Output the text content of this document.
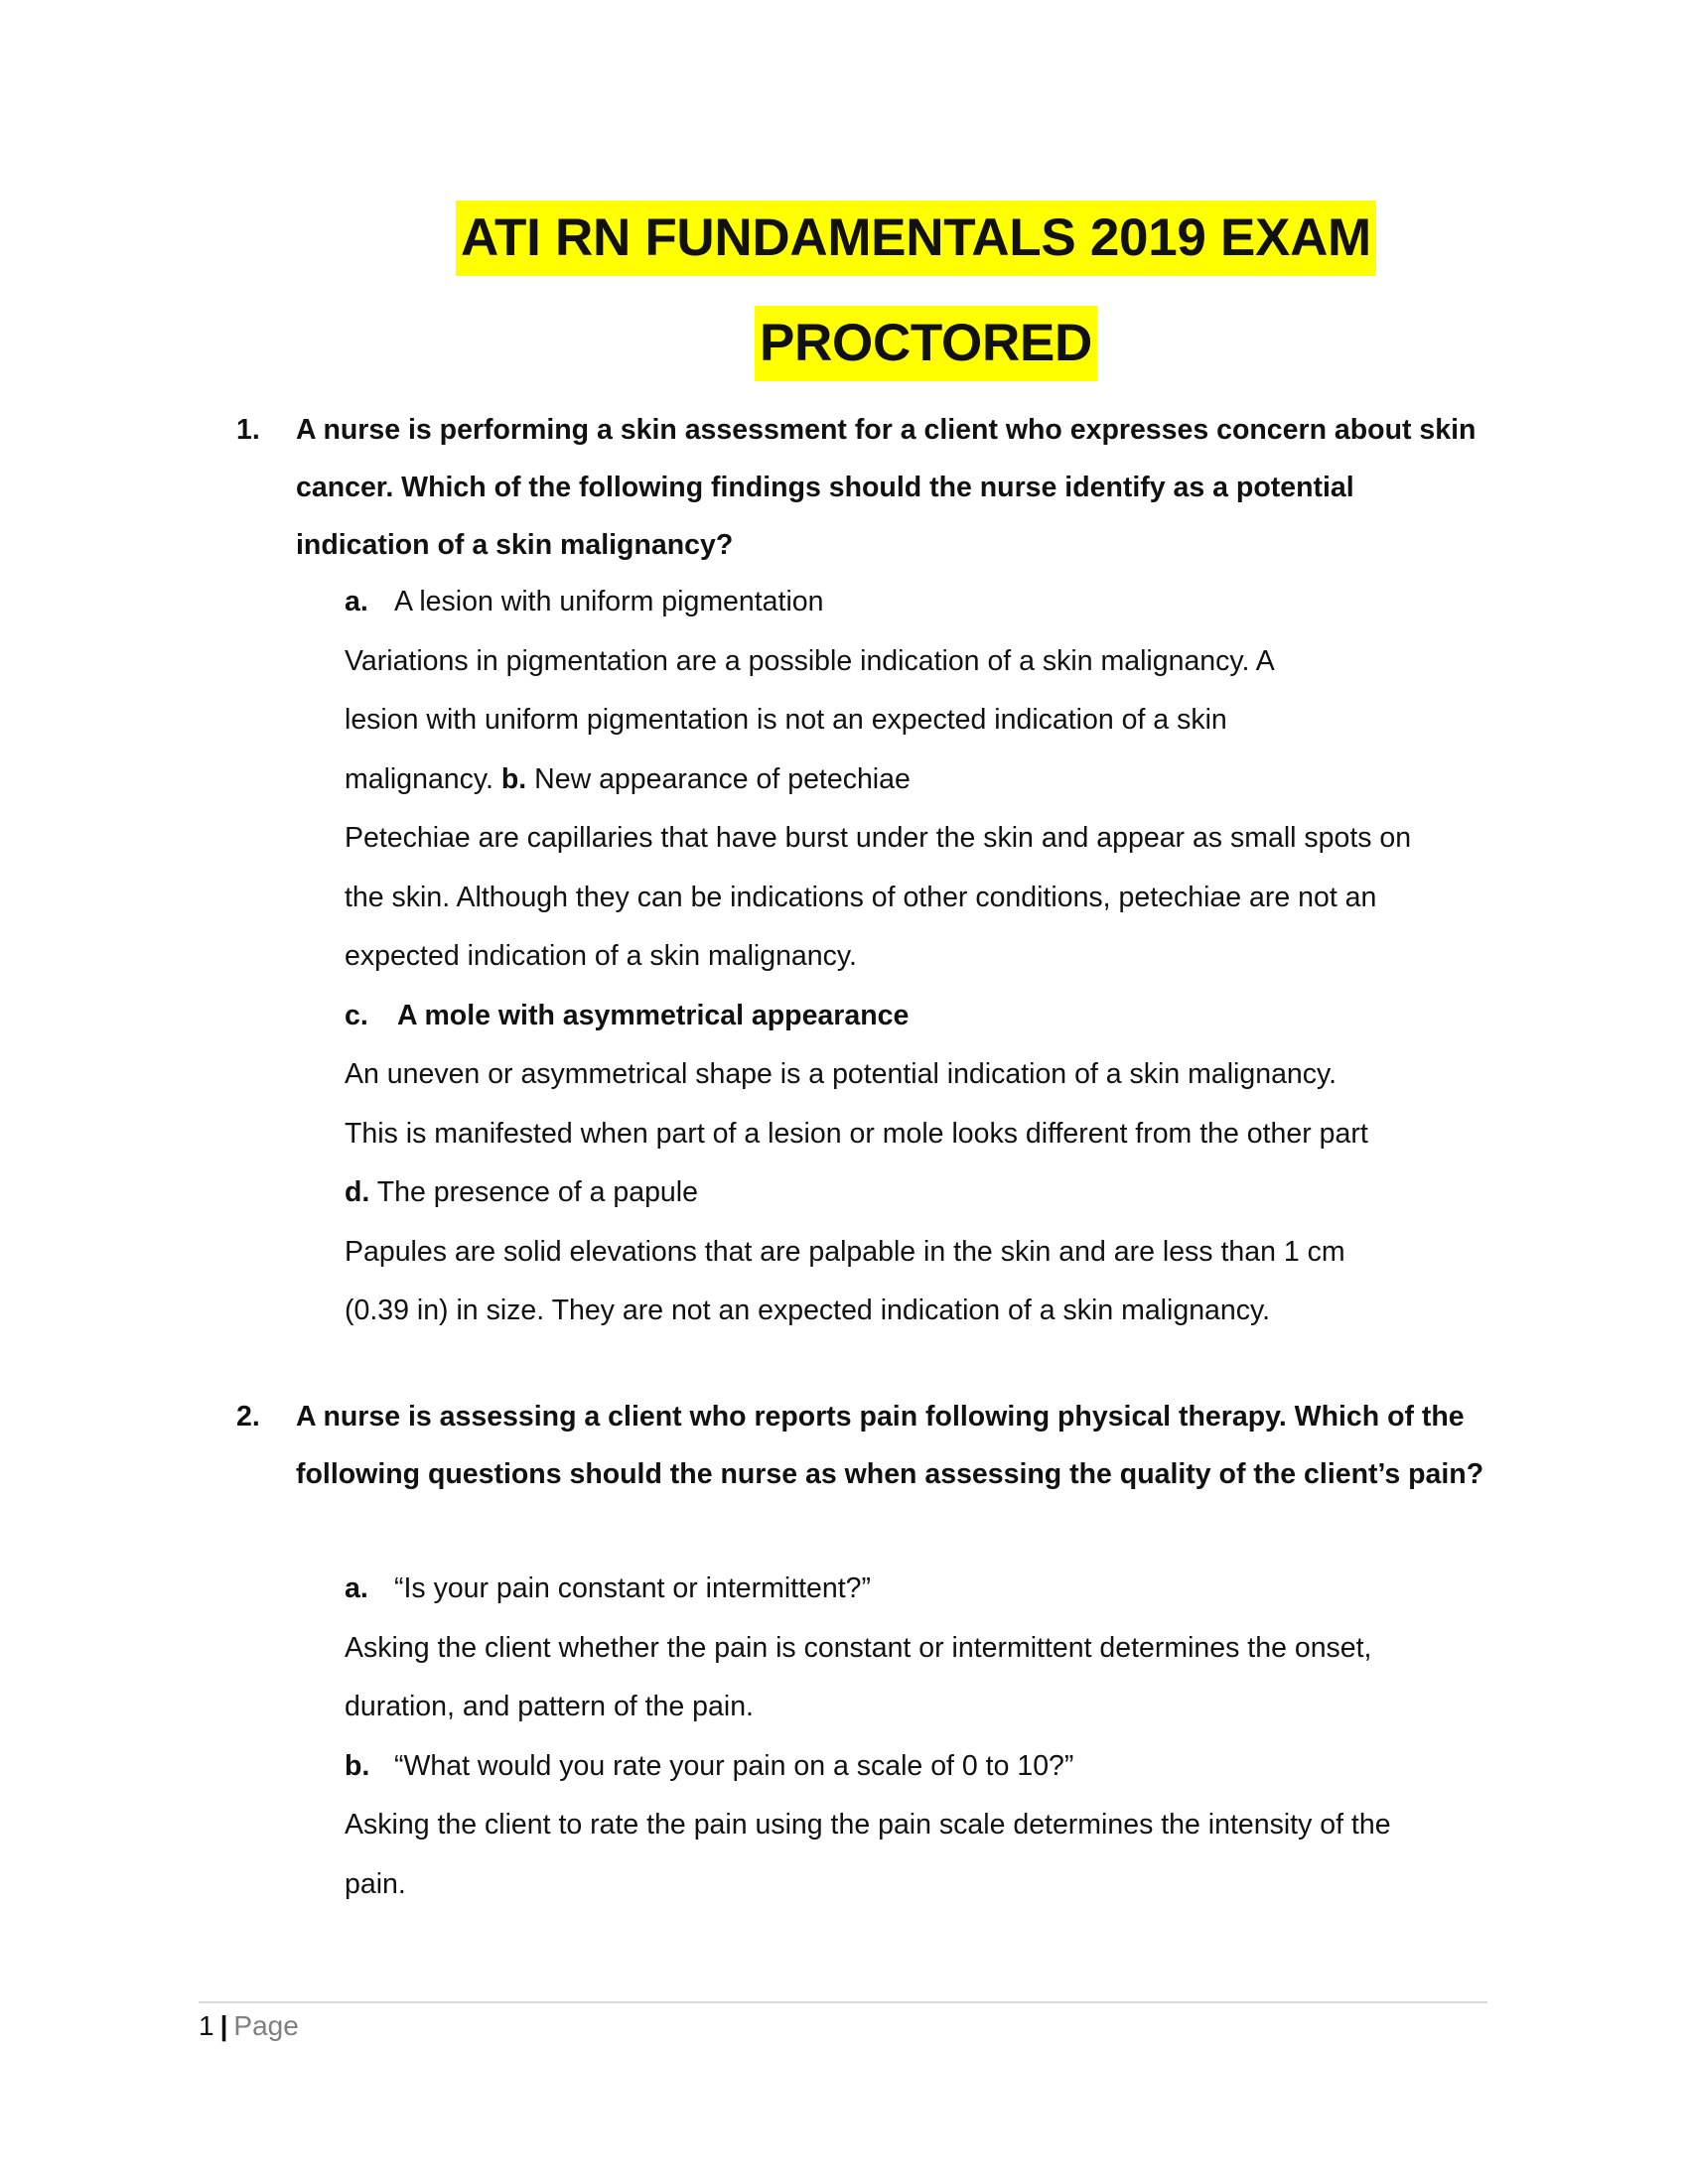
ATI RN FUNDAMENTALS 2019 EXAM
PROCTORED
1. A nurse is performing a skin assessment for a client who expresses concern about skin cancer. Which of the following findings should the nurse identify as a potential indication of a skin malignancy?
a. A lesion with uniform pigmentation
Variations in pigmentation are a possible indication of a skin malignancy. A
lesion with uniform pigmentation is not an expected indication of a skin
malignancy. b. New appearance of petechiae
Petechiae are capillaries that have burst under the skin and appear as small spots on
the skin. Although they can be indications of other conditions, petechiae are not an
expected indication of a skin malignancy.
c. A mole with asymmetrical appearance
An uneven or asymmetrical shape is a potential indication of a skin malignancy.
This is manifested when part of a lesion or mole looks different from the other part
d. The presence of a papule
Papules are solid elevations that are palpable in the skin and are less than 1 cm
(0.39 in) in size. They are not an expected indication of a skin malignancy.
2. A nurse is assessing a client who reports pain following physical therapy. Which of the following questions should the nurse as when assessing the quality of the client’s pain?
a. “Is your pain constant or intermittent?”
Asking the client whether the pain is constant or intermittent determines the onset,
duration, and pattern of the pain.
b. “What would you rate your pain on a scale of 0 to 10?”
Asking the client to rate the pain using the pain scale determines the intensity of the
pain.
1 | Page
